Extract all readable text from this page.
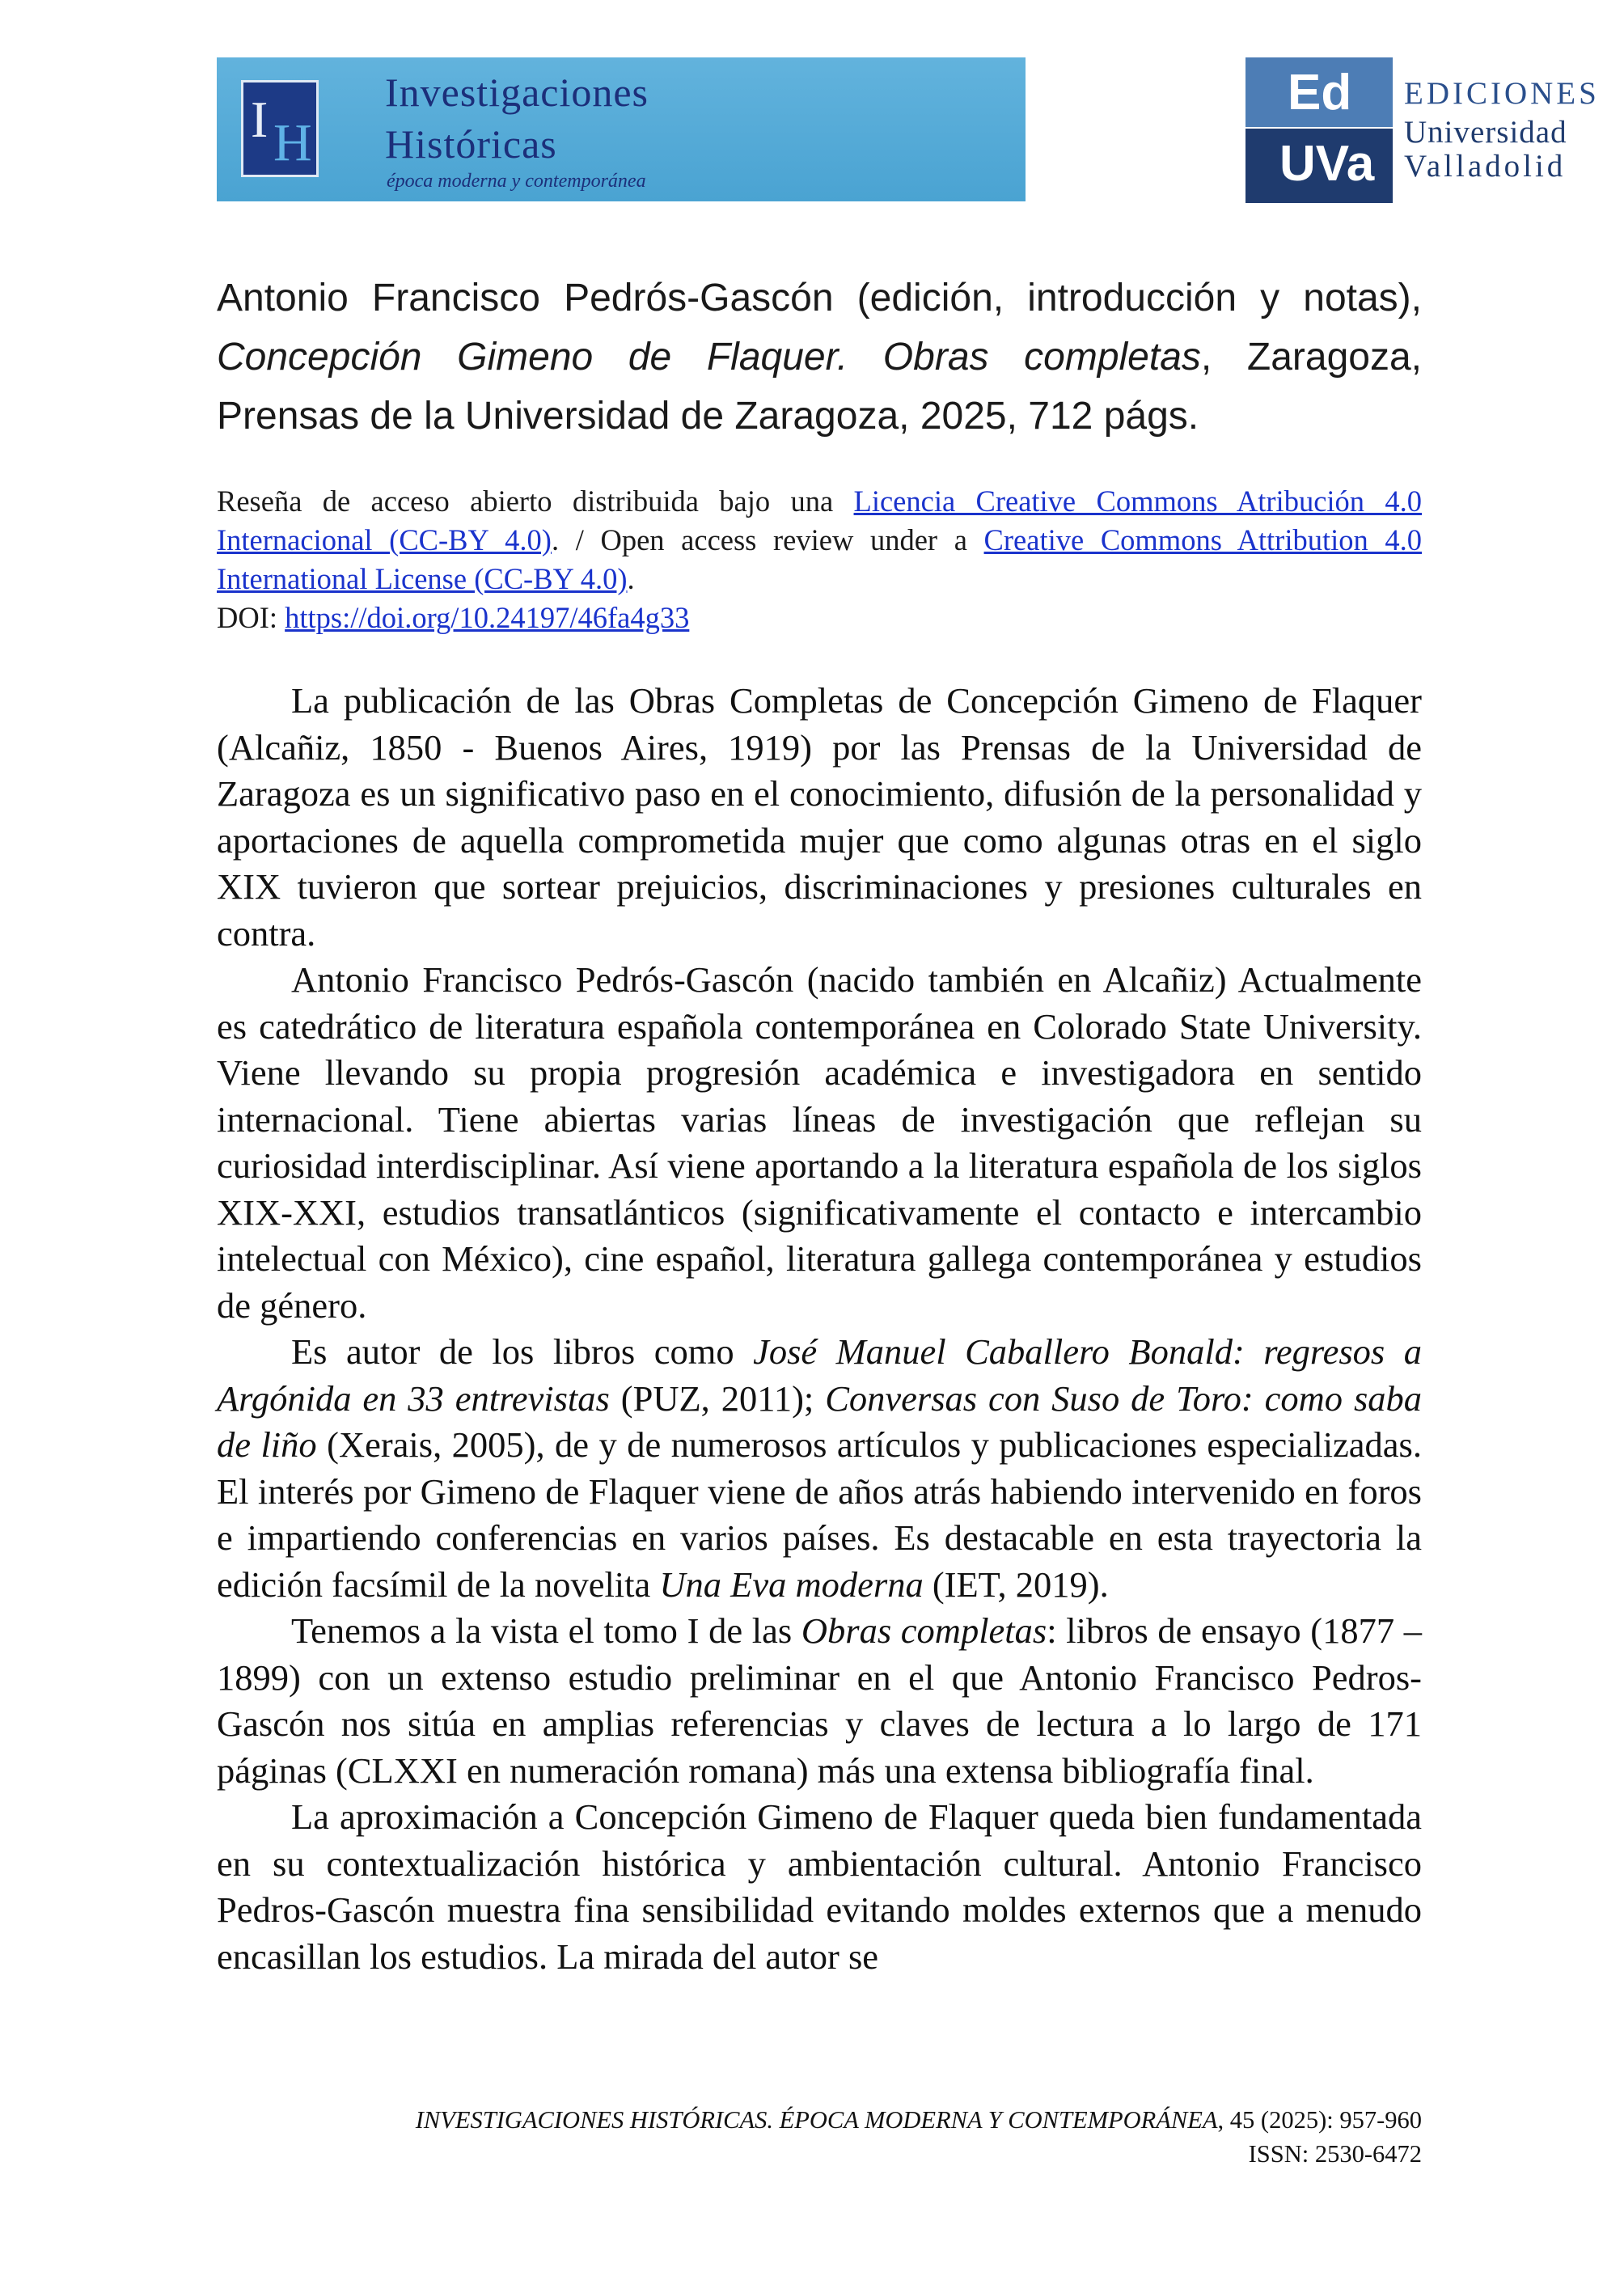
I H
Investigaciones
Históricas
época moderna y contemporánea
Ed
UVa
EDICIONES
Universidad
Valladolid
Antonio Francisco Pedrós-Gascón (edición, introducción y notas), Concepción Gimeno de Flaquer. Obras completas, Zaragoza, Prensas de la Universidad de Zaragoza, 2025, 712 págs.
Reseña de acceso abierto distribuida bajo una Licencia Creative Commons Atribución 4.0 Internacional (CC-BY 4.0). / Open access review under a Creative Commons Attribution 4.0 International License (CC-BY 4.0).
DOI: https://doi.org/10.24197/46fa4g33

La publicación de las Obras Completas de Concepción Gimeno de Flaquer (Alcañiz, 1850 - Buenos Aires, 1919) por las Prensas de la Universidad de Zaragoza es un significativo paso en el conocimiento, difusión de la personalidad y aportaciones de aquella comprometida mujer que como algunas otras en el siglo XIX tuvieron que sortear prejuicios, discriminaciones y presiones culturales en contra.

Antonio Francisco Pedrós-Gascón (nacido también en Alcañiz) Actualmente es catedrático de literatura española contemporánea en Colorado State University. Viene llevando su propia progresión académica e investigadora en sentido internacional. Tiene abiertas varias líneas de investigación que reflejan su curiosidad interdisciplinar. Así viene aportando a la literatura española de los siglos XIX-XXI, estudios transatlánticos (significativamente el contacto e intercambio intelectual con México), cine español, literatura gallega contemporánea y estudios de género.

Es autor de los libros como José Manuel Caballero Bonald: regresos a Argónida en 33 entrevistas (PUZ, 2011); Conversas con Suso de Toro: como saba de liño (Xerais, 2005), de y de numerosos artículos y publicaciones especializadas. El interés por Gimeno de Flaquer viene de años atrás habiendo intervenido en foros e impartiendo conferencias en varios países. Es destacable en esta trayectoria la edición facsímil de la novelita Una Eva moderna (IET, 2019).

Tenemos a la vista el tomo I de las Obras completas: libros de ensayo (1877 – 1899) con un extenso estudio preliminar en el que Antonio Francisco Pedros-Gascón nos sitúa en amplias referencias y claves de lectura a lo largo de 171 páginas (CLXXI en numeración romana) más una extensa bibliografía final.

La aproximación a Concepción Gimeno de Flaquer queda bien fundamentada en su contextualización histórica y ambientación cultural. Antonio Francisco Pedros-Gascón muestra fina sensibilidad evitando moldes externos que a menudo encasillan los estudios. La mirada del autor se

INVESTIGACIONES HISTÓRICAS. ÉPOCA MODERNA Y CONTEMPORÁNEA, 45 (2025): 957-960
ISSN: 2530-6472
